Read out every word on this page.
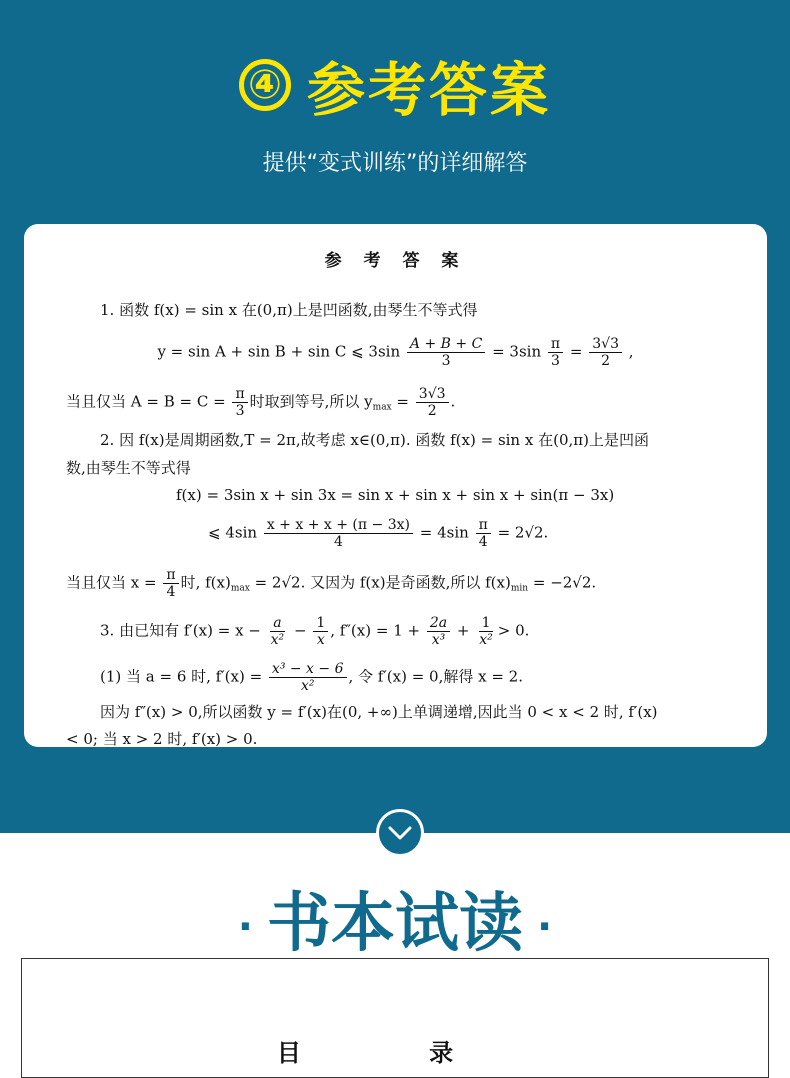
④ 参考答案
提供“变式训练”的详细解答
参 考 答 案
1. 函数 f(x) = sin x 在(0,π)上是凹函数,由琴生不等式得
y = sin A + sin B + sin C ⩽ $3\sin \frac{A + B + C}{3} = 3\sin \frac{\pi}{3} = \frac{3√3}{2}$ ,
当且仅当 $A = B = C = \frac{\pi}{3}$ 时取到等号,所以 $y_{max} = \frac{3√3}{2}$ .
2. 因 f(x)是周期函数,T = 2π,故考虑 x∈(0,π). 函数 f(x) = sin x 在(0,π)上是凹函
数,由琴生不等式得
f(x) = 3sin x + sin 3x = sin x + sin x + sin x + sin(π − 3x)
⩽ $4\sin \frac{x + x + x + (\pi - 3x)}{4} = 4\sin \frac{\pi}{4} = 2√2$.
当且仅当 $x = \frac{\pi}{4}$ 时, $f(x)_{max} = 2√2$. 又因为 f(x)是奇函数,所以 $f(x)_{min} = -2√2$.
3. 由已知有 $f'(x) = x - \frac{a}{\text{x²}} - \frac{1}{x}$ , $f''(x) = 1 + \frac{2a}{\text{x³}} + \frac{1}{\text{x²}} > 0$.
(1) 当 a = 6 时, $f'(x) = \frac{\text{x³ − x − 6}}{\text{x²}}$ , 令 f′(x) = 0,解得 x = 2.
因为 f″(x) > 0,所以函数 y = f′(x)在(0, +∞)上单调递增,因此当 0 < x < 2 时, f′(x)
< 0; 当 x > 2 时, f′(x) > 0.
· 书本试读 ·
目 录
